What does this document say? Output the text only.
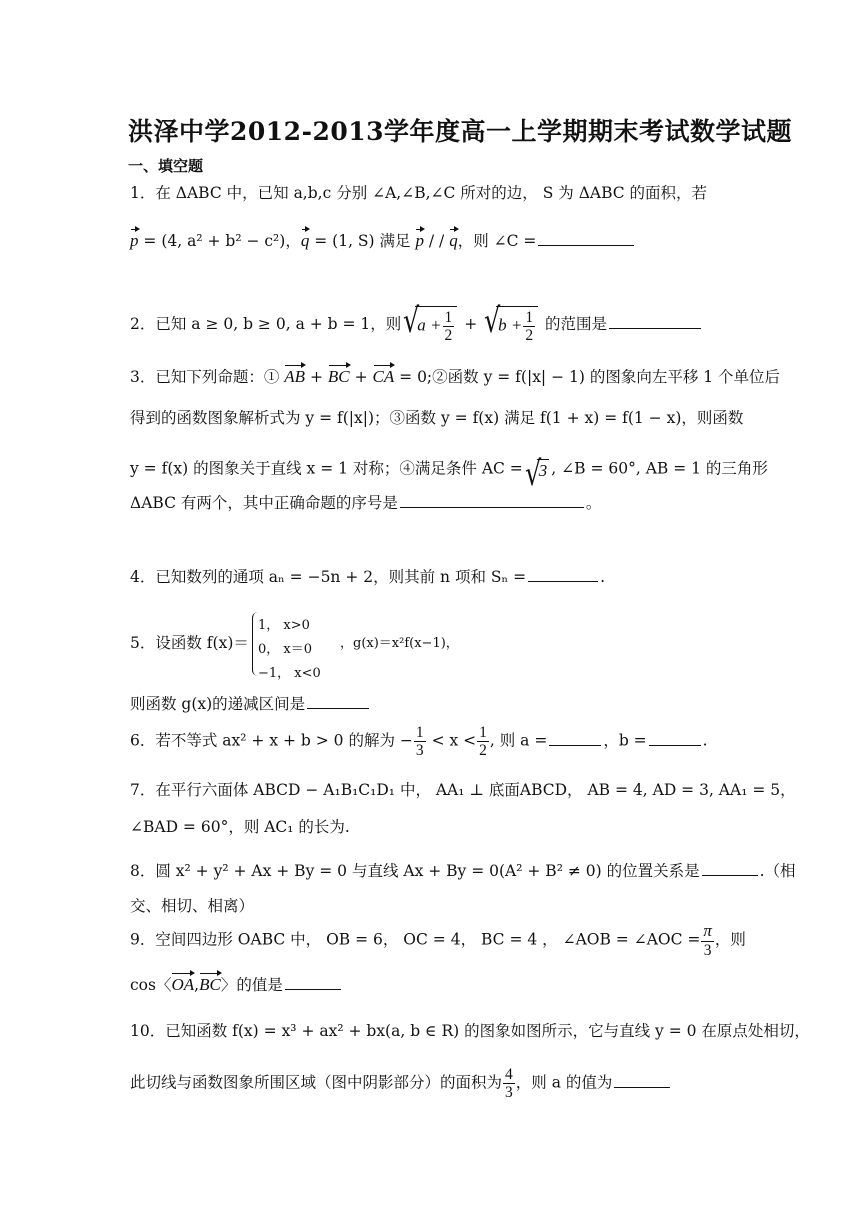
洪泽中学2012-2013学年度高一上学期期末考试数学试题
一、填空题
1．在 ΔABC 中，已知 a,b,c 分别 ∠A,∠B,∠C 所对的边， S 为 ΔABC 的面积，若
p = (4, a² + b² − c²)，q = (1, S) 满足 p / / q，则 ∠C =
2．已知 a ≥ 0, b ≥ 0, a + b = 1，则 √ $a + \frac{1}{2}$ + √ $b + \frac{1}{2}$ 的范围是
3．已知下列命题：① AB + BC + CA = 0;②函数 y = f(|x| − 1) 的图象向左平移 1 个单位后
得到的函数图象解析式为 y = f(|x|)；③函数 y = f(x) 满足 f(1 + x) = f(1 − x)，则函数
y = f(x) 的图象关于直线 x = 1 对称；④满足条件 AC = √ 3 , ∠B = 60°, AB = 1 的三角形
ΔABC 有两个，其中正确命题的序号是	。
4．已知数列的通项 aₙ = −5n + 2，则其前 n 项和 Sₙ =	.
5．设函数 f(x)＝
1， x>0
0， x＝0
−1， x<0
，g(x)＝x²f(x−1)，
则函数 g(x)的递减区间是
6．若不等式 ax² + x + b > 0 的解为 − $\frac{1}{3} < x < \frac{1}{2}$ , 则 a =	，b =	.
7．在平行六面体 ABCD − A₁B₁C₁D₁ 中， AA₁ ⊥ 底面ABCD， AB = 4, AD = 3, AA₁ = 5，
∠BAD = 60°，则 AC₁ 的长为.
8．圆 x² + y² + Ax + By = 0 与直线 Ax + By = 0(A² + B² ≠ 0) 的位置关系是	.（相
交、相切、相离）
9．空间四边形 OABC 中， OB = 6， OC = 4， BC = 4 ， ∠AOB = ∠AOC = $\frac{\pi}{3}$ ，则
cos〈OA,BC〉的值是
10．已知函数 f(x) = x³ + ax² + bx(a, b ∈ R) 的图象如图所示，它与直线 y = 0 在原点处相切，
此切线与函数图象所围区域（图中阴影部分）的面积为 $\frac{4}{3}$ ，则 a 的值为
